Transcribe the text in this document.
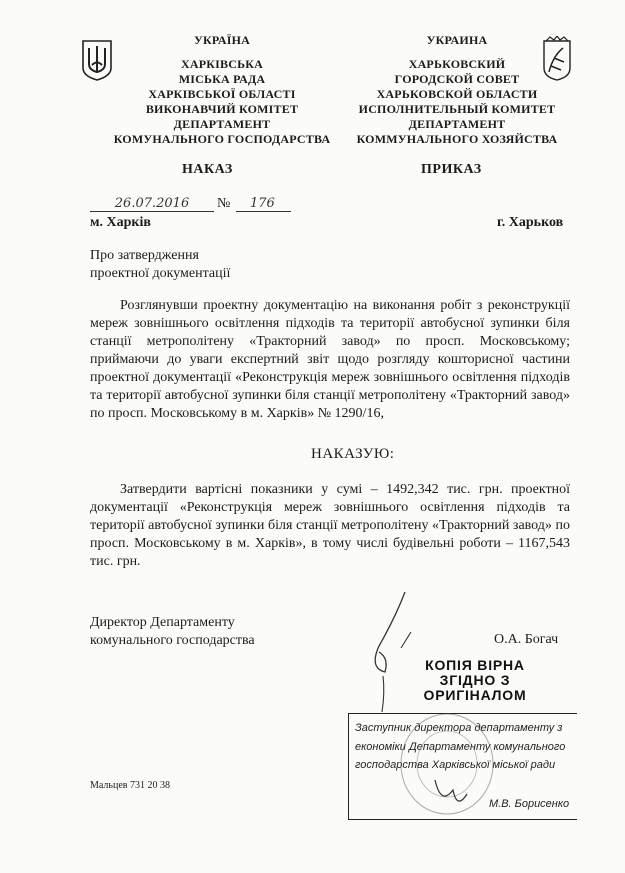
УКРАЇНА
ХАРКІВСЬКА
МІСЬКА РАДА
ХАРКІВСЬКОЇ ОБЛАСТІ
ВИКОНАВЧИЙ КОМІТЕТ
ДЕПАРТАМЕНТ
КОМУНАЛЬНОГО ГОСПОДАРСТВА
УКРАИНА
ХАРЬКОВСКИЙ
ГОРОДСКОЙ СОВЕТ
ХАРЬКОВСКОЙ ОБЛАСТИ
ИСПОЛНИТЕЛЬНЫЙ КОМИТЕТ
ДЕПАРТАМЕНТ
КОММУНАЛЬНОГО ХОЗЯЙСТВА
НАКАЗ	ПРИКАЗ
26.07.2016	№	176
м. Харків	г. Харьков
Про затвердження
проектної документації
Розглянувши проектну документацію на виконання робіт з реконструкції мереж зовнішнього освітлення підходів та території автобусної зупинки біля станції метрополітену «Тракторний завод» по просп. Московському; приймаючи до уваги експертний звіт щодо розгляду кошторисної частини проектної документації «Реконструкція мереж зовнішнього освітлення підходів та території автобусної зупинки біля станції метрополітену «Тракторний завод» по просп. Московському в м. Харків» № 1290/16,
НАКАЗУЮ:
Затвердити вартісні показники у сумі – 1492,342 тис. грн. проектної документації «Реконструкція мереж зовнішнього освітлення підходів та території автобусної зупинки біля станції метрополітену «Тракторний завод» по просп. Московському в м. Харків», в тому числі будівельні роботи – 1167,543 тис. грн.
Директор Департаменту
комунального господарства	О.А. Богач
КОПІЯ ВІРНА
ЗГІДНО З
ОРИГІНАЛОМ
Заступник директора департаменту з
економіки Департаменту комунального
господарства Харківської міської ради
М.В. Борисенко
Мальцев 731 20 38
